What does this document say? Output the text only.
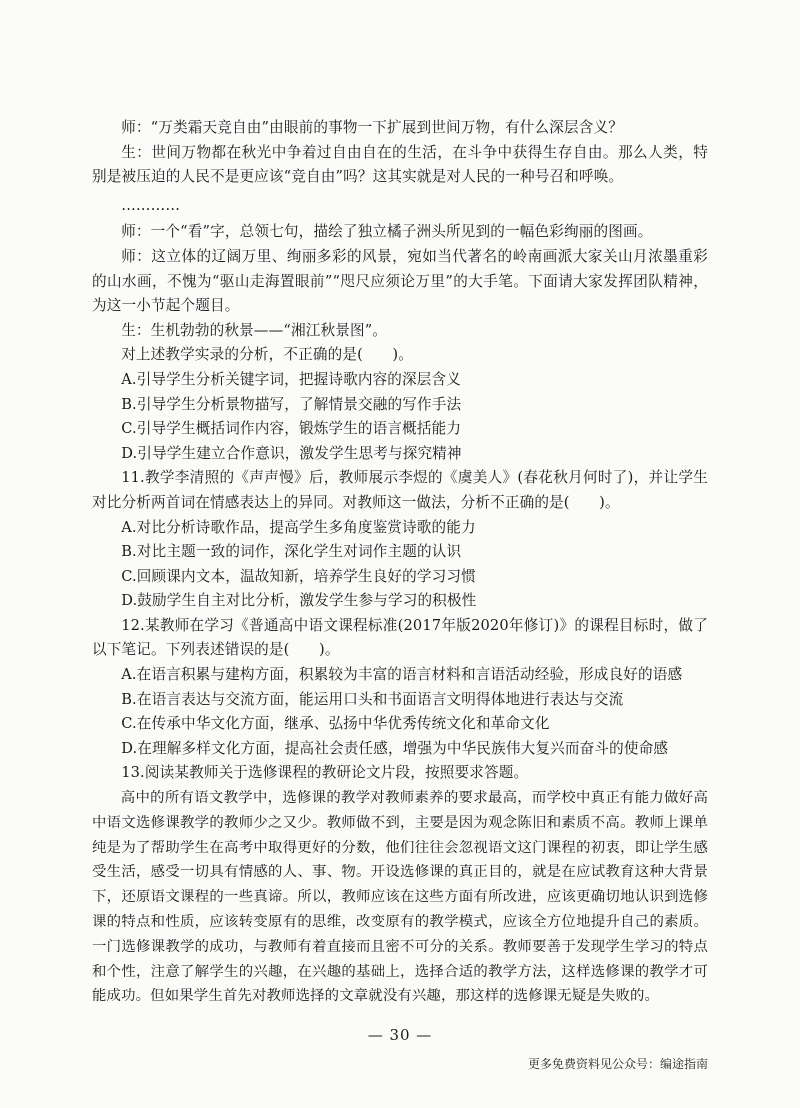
师：“万类霜天竞自由”由眼前的事物一下扩展到世间万物，有什么深层含义？

生：世间万物都在秋光中争着过自由自在的生活，在斗争中获得生存自由。那么人类，特别是被压迫的人民不是更应该“竞自由”吗？这其实就是对人民的一种号召和呼唤。

…………

师：一个“看”字，总领七句，描绘了独立橘子洲头所见到的一幅色彩绚丽的图画。

师：这立体的辽阔万里、绚丽多彩的风景，宛如当代著名的岭南画派大家关山月浓墨重彩的山水画，不愧为“驱山走海置眼前”“咫尺应须论万里”的大手笔。下面请大家发挥团队精神，为这一小节起个题目。

生：生机勃勃的秋景——“湘江秋景图”。

对上述教学实录的分析，不正确的是(　　)。

A.引导学生分析关键字词，把握诗歌内容的深层含义

B.引导学生分析景物描写，了解情景交融的写作手法

C.引导学生概括词作内容，锻炼学生的语言概括能力

D.引导学生建立合作意识，激发学生思考与探究精神

11.教学李清照的《声声慢》后，教师展示李煜的《虞美人》(春花秋月何时了)，并让学生对比分析两首词在情感表达上的异同。对教师这一做法，分析不正确的是(　　)。

A.对比分析诗歌作品，提高学生多角度鉴赏诗歌的能力

B.对比主题一致的词作，深化学生对词作主题的认识

C.回顾课内文本，温故知新，培养学生良好的学习习惯

D.鼓励学生自主对比分析，激发学生参与学习的积极性

12.某教师在学习《普通高中语文课程标准(2017年版2020年修订)》的课程目标时，做了以下笔记。下列表述错误的是(　　)。

A.在语言积累与建构方面，积累较为丰富的语言材料和言语活动经验，形成良好的语感

B.在语言表达与交流方面，能运用口头和书面语言文明得体地进行表达与交流

C.在传承中华文化方面，继承、弘扬中华优秀传统文化和革命文化

D.在理解多样文化方面，提高社会责任感，增强为中华民族伟大复兴而奋斗的使命感

13.阅读某教师关于选修课程的教研论文片段，按照要求答题。

高中的所有语文教学中，选修课的教学对教师素养的要求最高，而学校中真正有能力做好高中语文选修课教学的教师少之又少。教师做不到，主要是因为观念陈旧和素质不高。教师上课单纯是为了帮助学生在高考中取得更好的分数，他们往往会忽视语文这门课程的初衷，即让学生感受生活，感受一切具有情感的人、事、物。开设选修课的真正目的，就是在应试教育这种大背景下，还原语文课程的一些真谛。所以，教师应该在这些方面有所改进，应该更确切地认识到选修课的特点和性质，应该转变原有的思维，改变原有的教学模式，应该全方位地提升自己的素质。一门选修课教学的成功，与教师有着直接而且密不可分的关系。教师要善于发现学生学习的特点和个性，注意了解学生的兴趣，在兴趣的基础上，选择合适的教学方法，这样选修课的教学才可能成功。但如果学生首先对教师选择的文章就没有兴趣，那这样的选修课无疑是失败的。

— 30 —
更多免费资料见公众号：编途指南
